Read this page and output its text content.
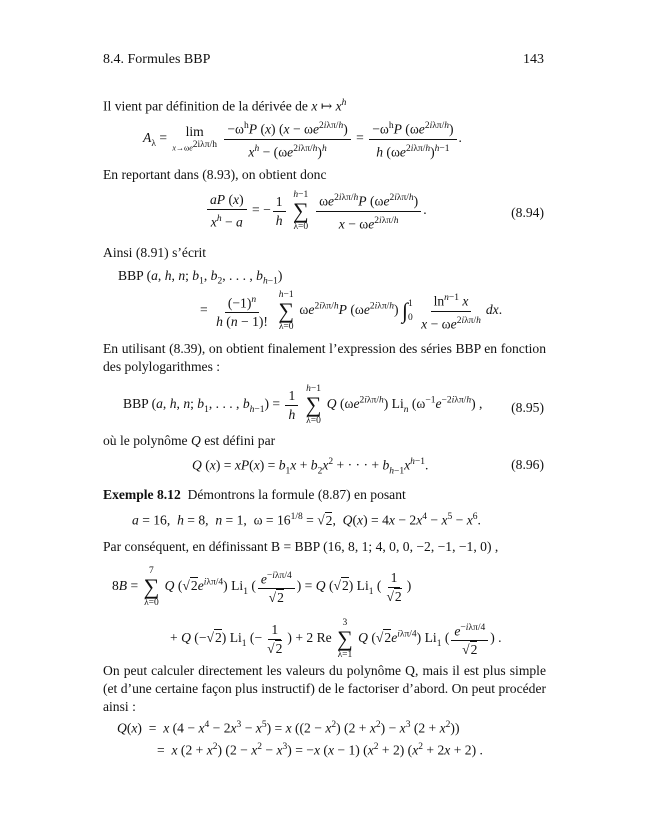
8.4. Formules BBP	143
Il vient par définition de la dérivée de x ↦ $x^h$
$A_\lambda = \lim$
$x\to\omega e^{2i\lambda\pi/h}$
$\frac{-\omega^hP (x) (x - \omega e^{2i\lambda\pi/h})}{x^h - (\omega e^{2i\lambda\pi/h})^h} = \frac{-\omega^hP (\omega e^{2i\lambda\pi/h})}{h (\omega e^{2i\lambda\pi/h})^{h-1}}$ .
En reportant dans (8.93), on obtient donc
$\frac{aP (x)}{x^h - a}$ = − $\frac{1}{h}$
h−1
∑
λ=0
$\frac{\omega e^{2i\lambda\pi/h}P (\omega e^{2i\lambda\pi/h})}{x - \omega e^{2i\lambda\pi/h}}$ .	(8.94)
Ainsi (8.91) s’écrit
BBP (a, h, n; $b_1$, $b_2$, . . . , $b_{h-1}$)
= $\frac{(-1)^n}{h (n - 1)!}$
h−1
∑
λ=0
$\omega e^{2i\lambda\pi/h}P$ $(\omega e^{2i\lambda\pi/h})$ ∫ 1
0
$\frac{\ln^{n-1} x}{x - \omega e^{2i\lambda\pi/h}}$ dx.
En utilisant (8.39), on obtient finalement l’expression des séries BBP en fonction des polylogarithmes :
BBP (a, h, n; $b_1$, . . . , $b_{h-1}) = \frac{1}{h}$
h−1
∑
λ=0
Q $(\omega e^{2i\lambda\pi/h})$ $Li_n$ $(\omega^{-1}e^{-2i\lambda\pi/h})$ , (8.95)
où le polynôme Q est défini par
Q $(x) = xP(x) = b_1x + b_2x^2$ + · · · + $b_{h-1}x^{h-1}$.	(8.96)
Exemple 8.12 Démontrons la formule (8.87) en posant
a = 16,  h = 8,  n = 1,  $\omega = 16^{1/8} = √2$,  $Q(x) = 4x - 2x^4 - x^5 - x^6$.
Par conséquent, en définissant B = BBP (16, 8, 1; 4, 0, 0, −2, −1, −1, 0) ,
8B =
7
∑
λ=0
Q $(√2e^{i\lambda\pi/4})$ $Li_1$ ( $\frac{e^{-i\lambda\pi/4}}{√2}$ ) = Q (√2) $Li_1$ ( $\frac{1}{√2}$ )
+ Q (−√2) $Li_1$ (− $\frac{1}{√2}$ ) + 2 Re
3
∑
λ=1
Q $(√2e^{i\lambda\pi/4})$ $Li_1$ ( $\frac{e^{-i\lambda\pi/4}}{√2}$ ) .
On peut calculer directement les valeurs du polynôme Q, mais il est plus simple (et d’une certaine façon plus instructif) de le factoriser d’abord. On peut procéder ainsi :
Q(x)  =  x $(4 - x^4 - 2x^3 - x^5) = x$ ($(2 - x^2)$ $(2 + x^2) - x^3$ $(2 + x^2)$)
=  x $(2 + x^2)$ $(2 - x^2 - x^3) = -x$ (x − 1) $(x^2 + 2) (x^2 + 2x + 2)$ .
